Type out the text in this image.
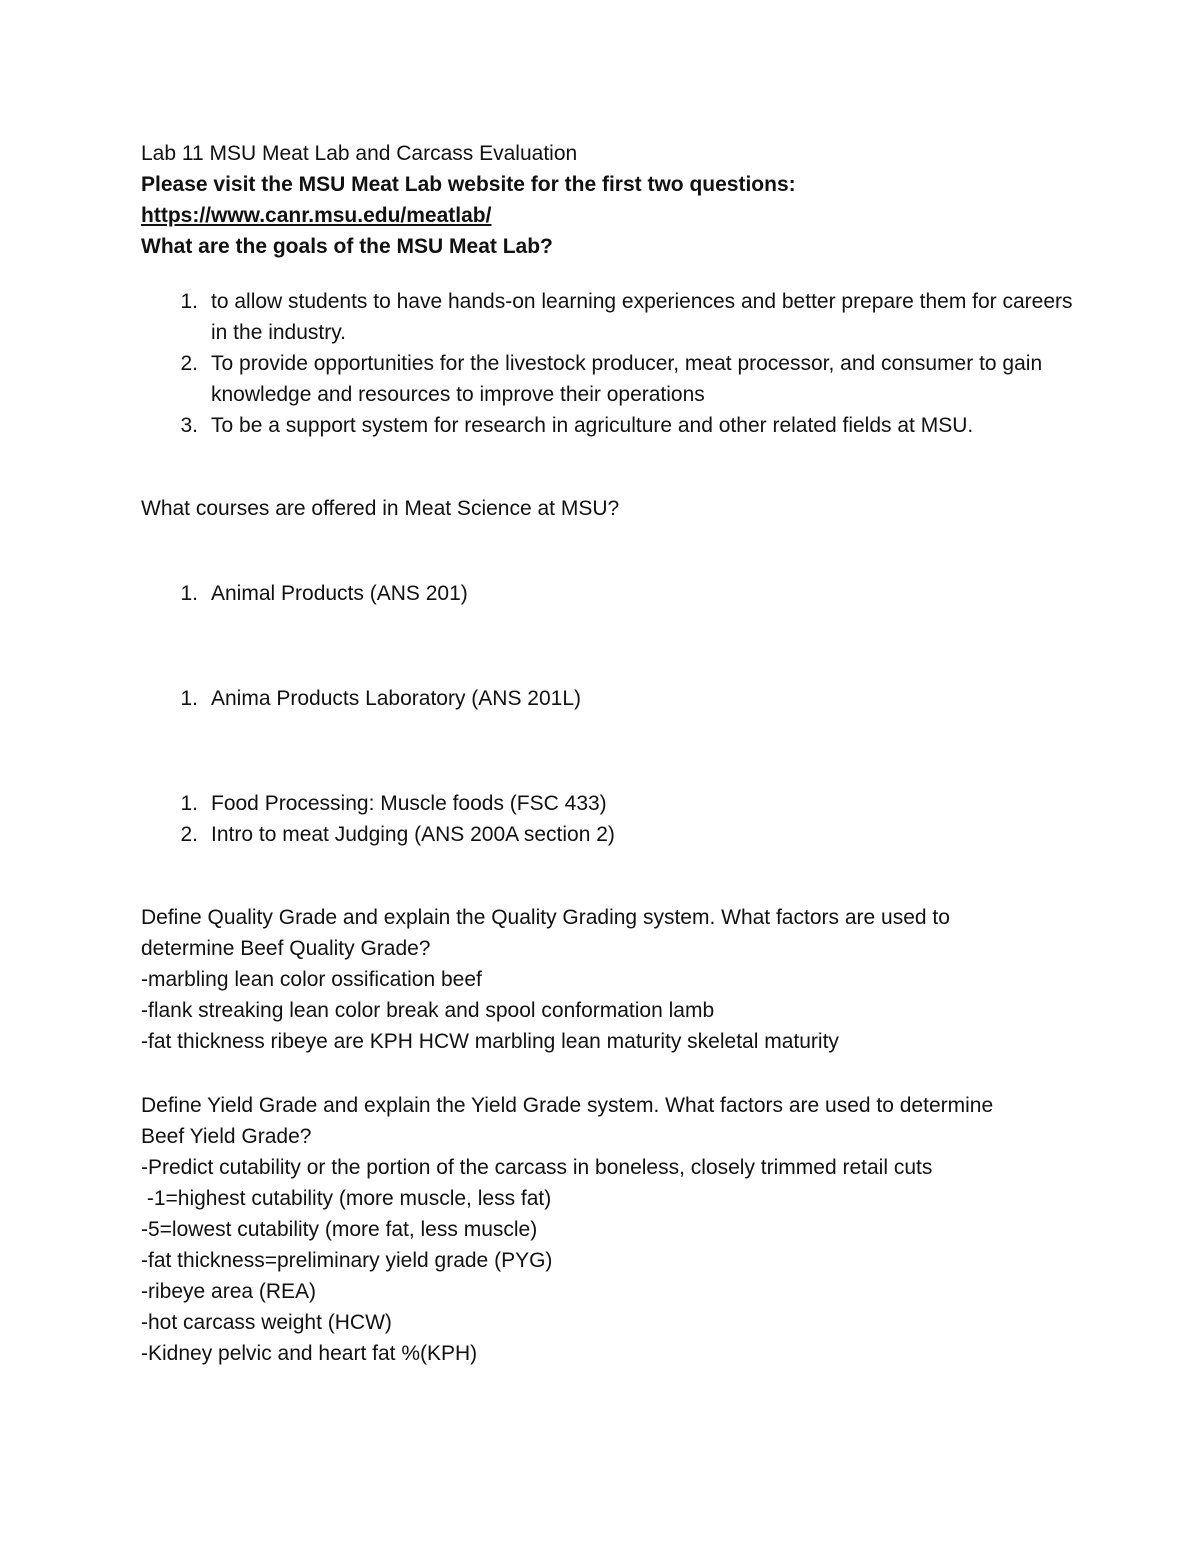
Lab 11 MSU Meat Lab and Carcass Evaluation

Please visit the MSU Meat Lab website for the first two questions:

https://www.canr.msu.edu/meatlab/

What are the goals of the MSU Meat Lab?

1. to allow students to have hands-on learning experiences and better prepare them for careers in the industry.

2. To provide opportunities for the livestock producer, meat processor, and consumer to gain knowledge and resources to improve their operations

3. To be a support system for research in agriculture and other related fields at MSU.

What courses are offered in Meat Science at MSU?

1. Animal Products (ANS 201)

1. Anima Products Laboratory (ANS 201L)

1. Food Processing: Muscle foods (FSC 433)

2. Intro to meat Judging (ANS 200A section 2)

Define Quality Grade and explain the Quality Grading system. What factors are used to

determine Beef Quality Grade?

-marbling lean color ossification beef

-flank streaking lean color break and spool conformation lamb

-fat thickness ribeye are KPH HCW marbling lean maturity skeletal maturity

Define Yield Grade and explain the Yield Grade system. What factors are used to determine

Beef Yield Grade?

-Predict cutability or the portion of the carcass in boneless, closely trimmed retail cuts

-1=highest cutability (more muscle, less fat)

-5=lowest cutability (more fat, less muscle)

-fat thickness=preliminary yield grade (PYG)

-ribeye area (REA)

-hot carcass weight (HCW)

-Kidney pelvic and heart fat %(KPH)
